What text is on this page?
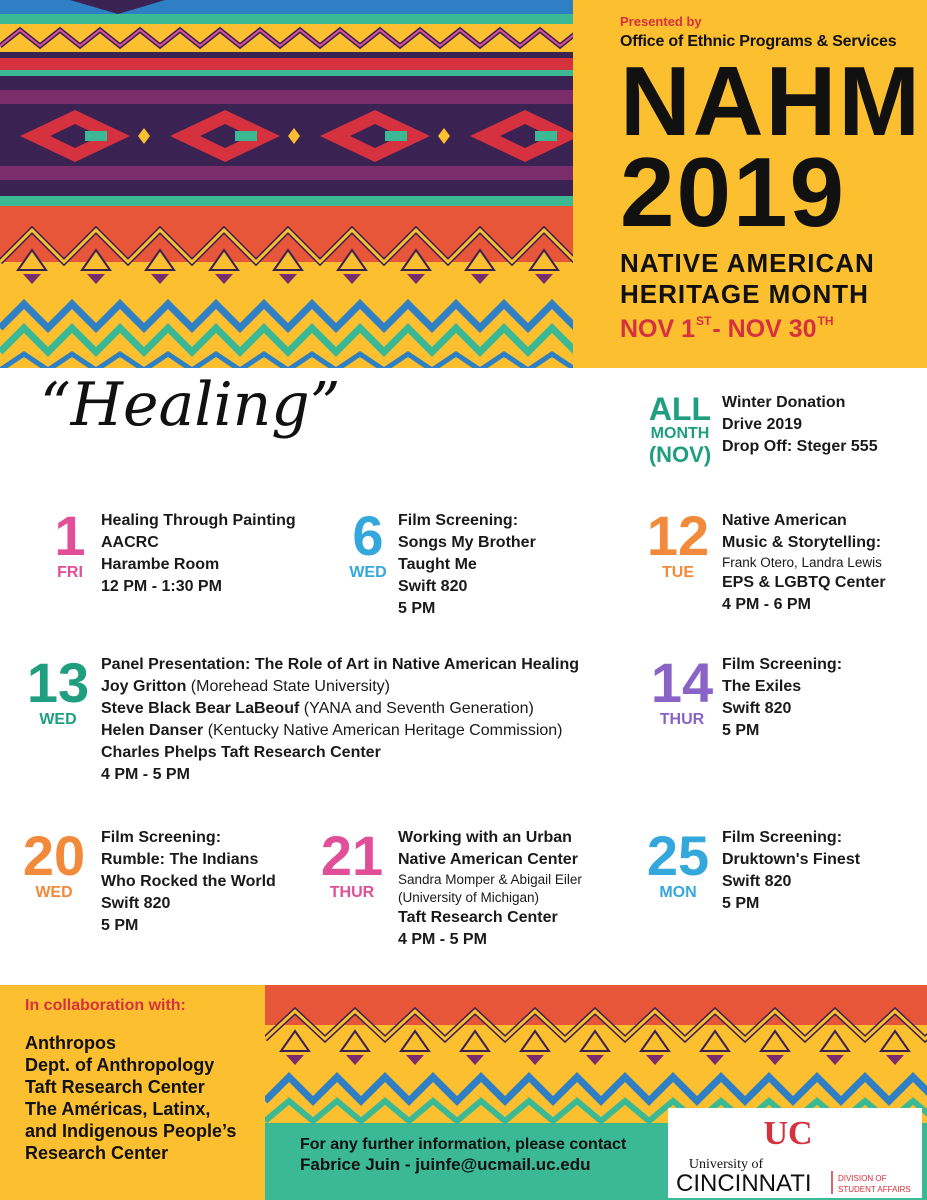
Presented by
Office of Ethnic Programs & Services
NAHM
2019
NATIVE AMERICAN
HERITAGE MONTH
NOV 1ST- NOV 30TH
“Healing”	ALL
MONTH
(NOV)
Winter Donation
Drive 2019
Drop Off: Steger 555
1
FRI
Healing Through Painting
AACRC
Harambe Room
12 PM - 1:30 PM
6
WED
Film Screening:
Songs My Brother
Taught Me
Swift 820
5 PM
12
TUE
Native American
Music & Storytelling:
Frank Otero, Landra Lewis
EPS & LGBTQ Center
4 PM - 6 PM
13
WED
Panel Presentation: The Role of Art in Native American Healing
Joy Gritton (Morehead State University)
Steve Black Bear LaBeouf (YANA and Seventh Generation)
Helen Danser (Kentucky Native American Heritage Commission)
Charles Phelps Taft Research Center
4 PM - 5 PM
14
THUR
Film Screening:
The Exiles
Swift 820
5 PM
20
WED
Film Screening:
Rumble: The Indians
Who Rocked the World
Swift 820
5 PM
21
THUR
Working with an Urban
Native American Center
Sandra Momper & Abigail Eiler
(University of Michigan)
Taft Research Center
4 PM - 5 PM
25
MON
Film Screening:
Druktown's Finest
Swift 820
5 PM
In collaboration with:
Anthropos
Dept. of Anthropology
Taft Research Center
The Américas, Latinx,
and Indigenous People’s
Research Center	For any further information, please contact
Fabrice Juin - juinfe@ucmail.uc.edu
UC
University of
CINCINNATI	DIVISION OF
STUDENT AFFAIRS
